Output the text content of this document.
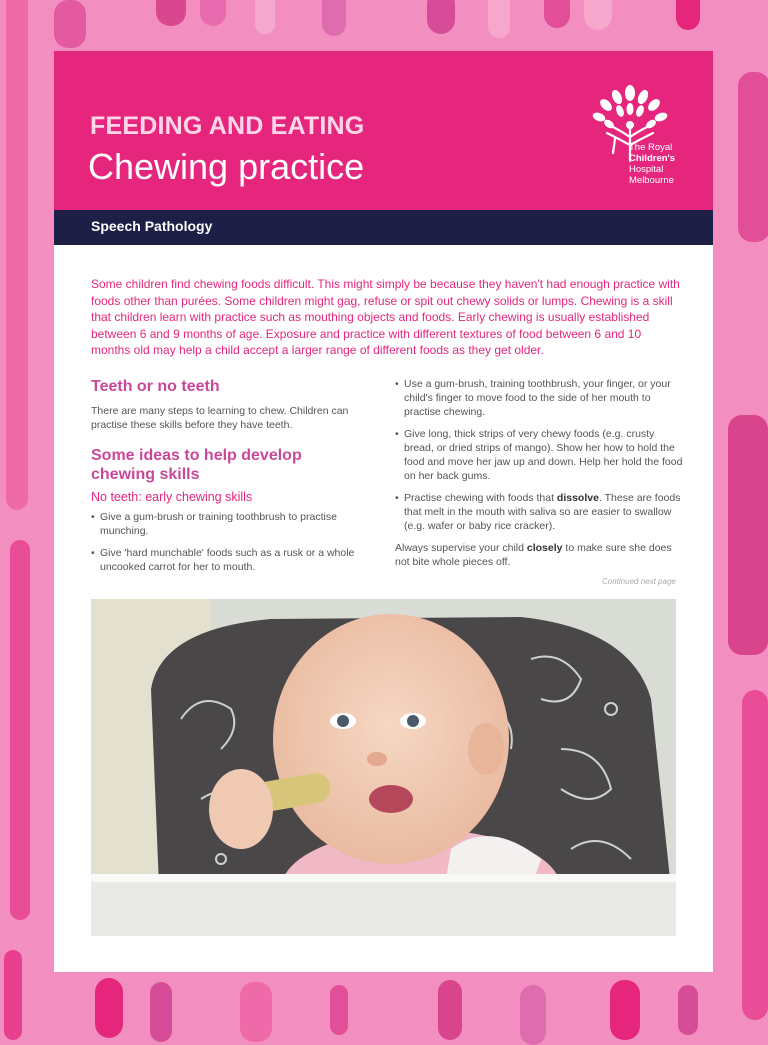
FEEDING AND EATING
Chewing practice	The Royal
Children's
Hospital
Melbourne
Speech Pathology

Some children find chewing foods difficult. This might simply be because they haven't had enough practice with foods other than purées. Some children might gag, refuse or spit out chewy solids or lumps. Chewing is a skill that children learn with practice such as mouthing objects and foods. Early chewing is usually established between 6 and 9 months of age. Exposure and practice with different textures of food between 6 and 10 months old may help a child accept a larger range of different foods as they get older.

Teeth or no teeth

There are many steps to learning to chew. Children can practise these skills before they have teeth.

Some ideas to help develop chewing skills
No teeth: early chewing skills
• Give a gum-brush or training toothbrush to practise munching.
• Give 'hard munchable' foods such as a rusk or a whole uncooked carrot for her to mouth.
• Use a gum-brush, training toothbrush, your finger, or your child's finger to move food to the side of her mouth to practise chewing.
• Give long, thick strips of very chewy foods (e.g. crusty bread, or dried strips of mango). Show her how to hold the food and move her jaw up and down. Help her hold the food on her back gums.
• Practise chewing with foods that dissolve. These are foods that melt in the mouth with saliva so are easier to swallow (e.g. wafer or baby rice cracker).

Always supervise your child closely to make sure she does not bite whole pieces off.

Continued next page
